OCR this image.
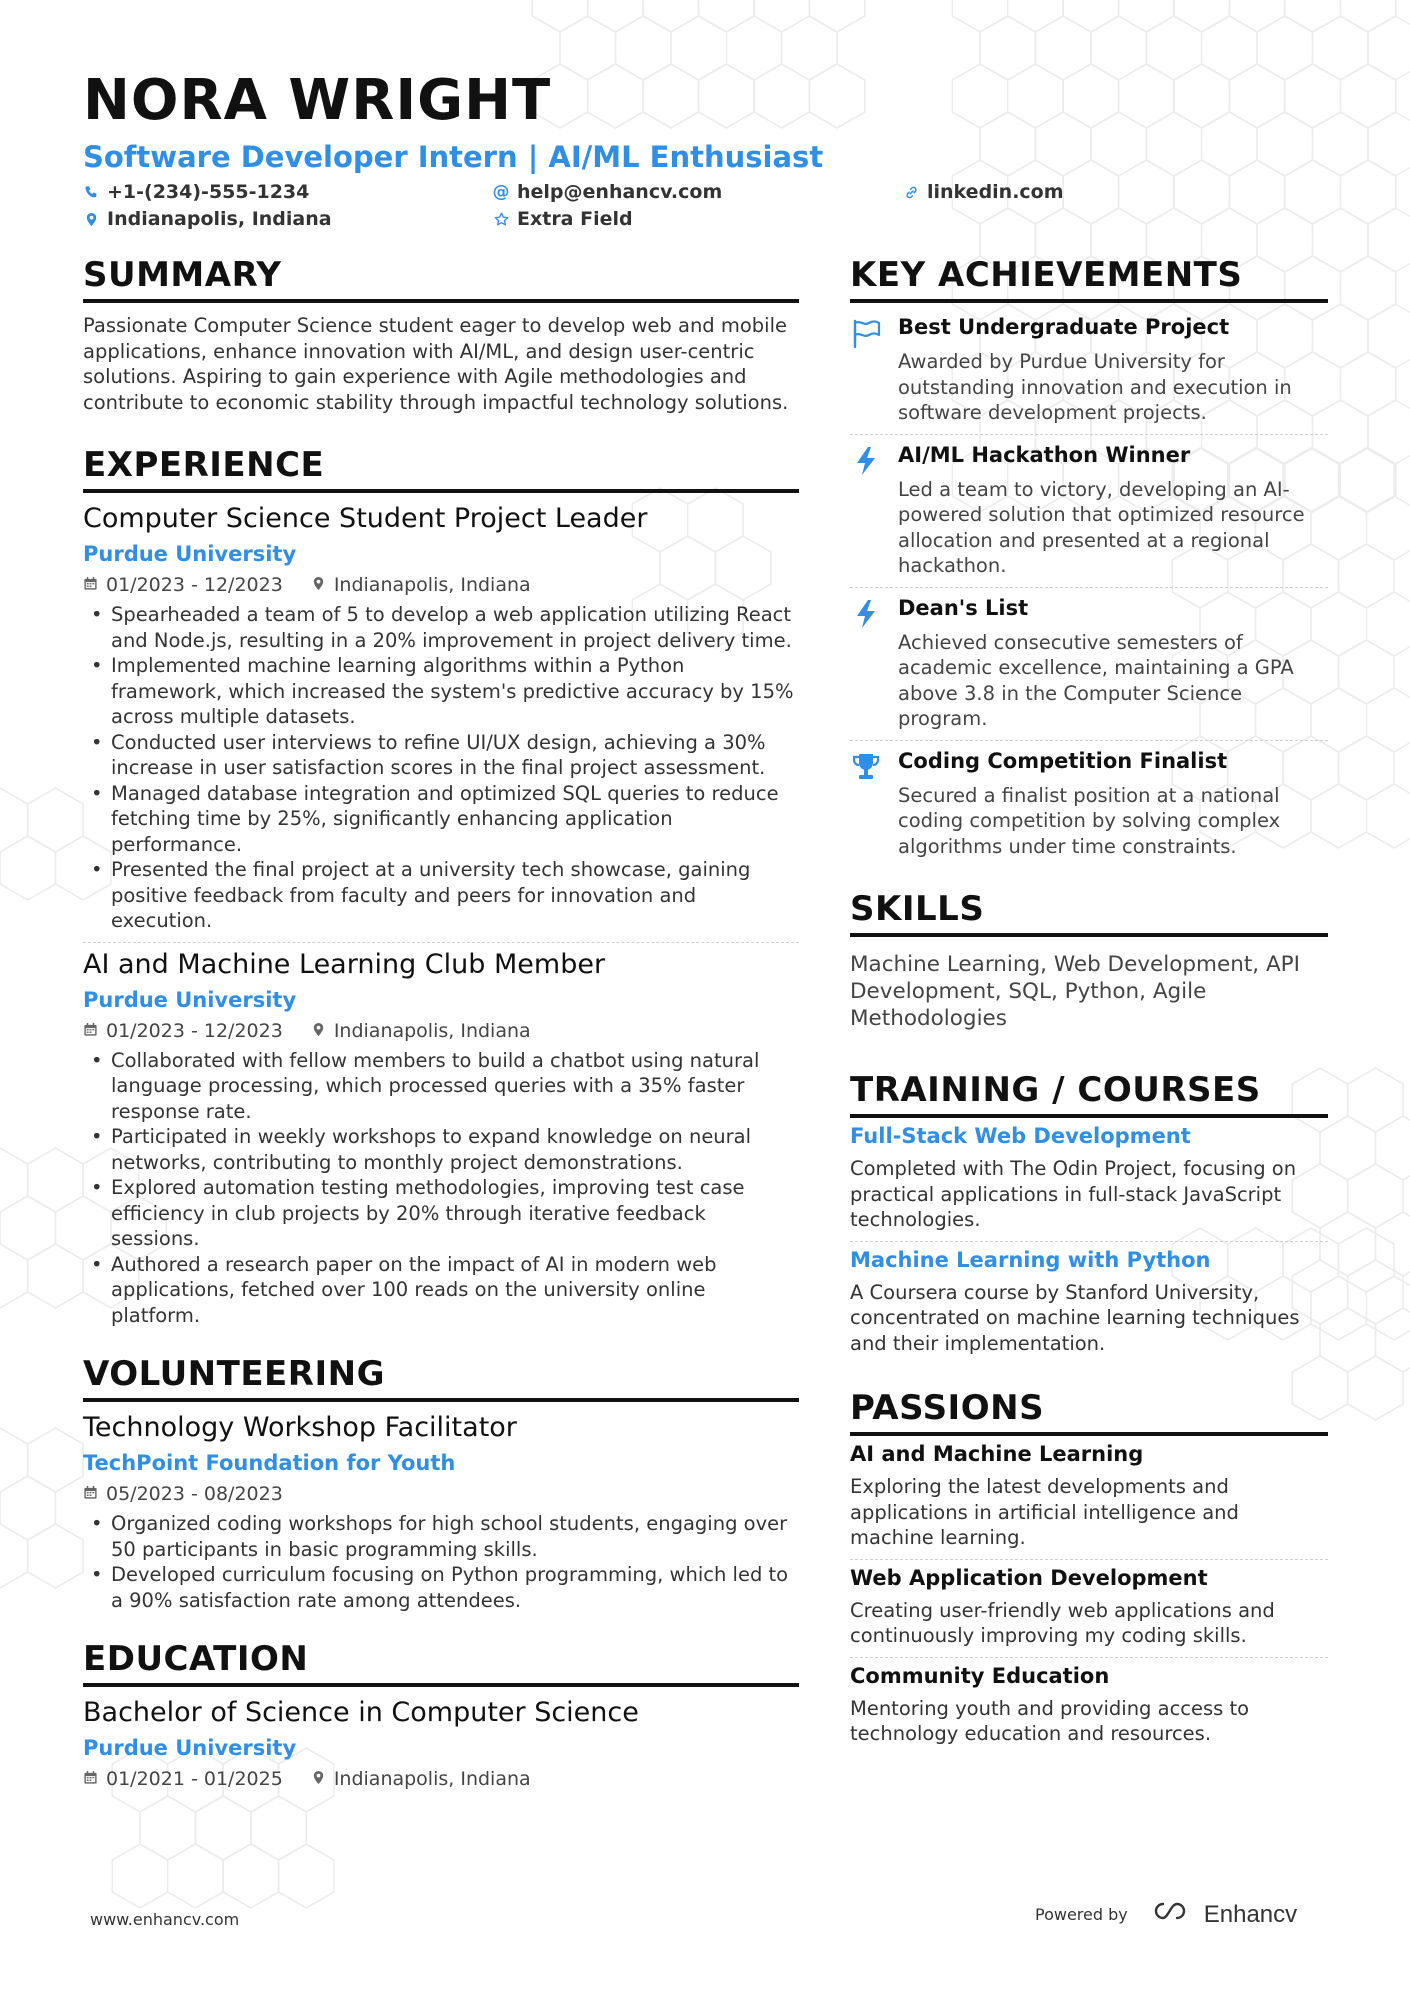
NORA WRIGHT
Software Developer Intern | AI/ML Enthusiast
+1-(234)-555-1234
Indianapolis, Indiana
@ help@enhancv.com
Extra Field
linkedin.com
SUMMARY
Passionate Computer Science student eager to develop web and mobile applications, enhance innovation with AI/ML, and design user-centric solutions. Aspiring to gain experience with Agile methodologies and contribute to economic stability through impactful technology solutions.
EXPERIENCE
Computer Science Student Project Leader
Purdue University
01/2023 - 12/2023	Indianapolis, Indiana
• Spearheaded a team of 5 to develop a web application utilizing React and Node.js, resulting in a 20% improvement in project delivery time.
• Implemented machine learning algorithms within a Python framework, which increased the system's predictive accuracy by 15% across multiple datasets.
• Conducted user interviews to refine UI/UX design, achieving a 30% increase in user satisfaction scores in the final project assessment.
• Managed database integration and optimized SQL queries to reduce fetching time by 25%, significantly enhancing application performance.
• Presented the final project at a university tech showcase, gaining positive feedback from faculty and peers for innovation and execution.
AI and Machine Learning Club Member
Purdue University
01/2023 - 12/2023	Indianapolis, Indiana
• Collaborated with fellow members to build a chatbot using natural language processing, which processed queries with a 35% faster response rate.
• Participated in weekly workshops to expand knowledge on neural networks, contributing to monthly project demonstrations.
• Explored automation testing methodologies, improving test case efficiency in club projects by 20% through iterative feedback sessions.
• Authored a research paper on the impact of AI in modern web applications, fetched over 100 reads on the university online platform.
VOLUNTEERING
Technology Workshop Facilitator
TechPoint Foundation for Youth
05/2023 - 08/2023
• Organized coding workshops for high school students, engaging over 50 participants in basic programming skills.
• Developed curriculum focusing on Python programming, which led to a 90% satisfaction rate among attendees.
EDUCATION
Bachelor of Science in Computer Science
Purdue University
01/2021 - 01/2025	Indianapolis, Indiana
KEY ACHIEVEMENTS
Best Undergraduate Project
Awarded by Purdue University for outstanding innovation and execution in software development projects.
AI/ML Hackathon Winner
Led a team to victory, developing an AI-powered solution that optimized resource allocation and presented at a regional hackathon.
Dean's List
Achieved consecutive semesters of academic excellence, maintaining a GPA above 3.8 in the Computer Science program.
Coding Competition Finalist
Secured a finalist position at a national coding competition by solving complex algorithms under time constraints.
SKILLS
Machine Learning, Web Development, API Development, SQL, Python, Agile Methodologies
TRAINING / COURSES
Full-Stack Web Development
Completed with The Odin Project, focusing on practical applications in full-stack JavaScript technologies.
Machine Learning with Python
A Coursera course by Stanford University, concentrated on machine learning techniques and their implementation.
PASSIONS
AI and Machine Learning
Exploring the latest developments and applications in artificial intelligence and machine learning.
Web Application Development
Creating user-friendly web applications and continuously improving my coding skills.
Community Education
Mentoring youth and providing access to technology education and resources.
www.enhancv.com	Powered by	Enhancv
